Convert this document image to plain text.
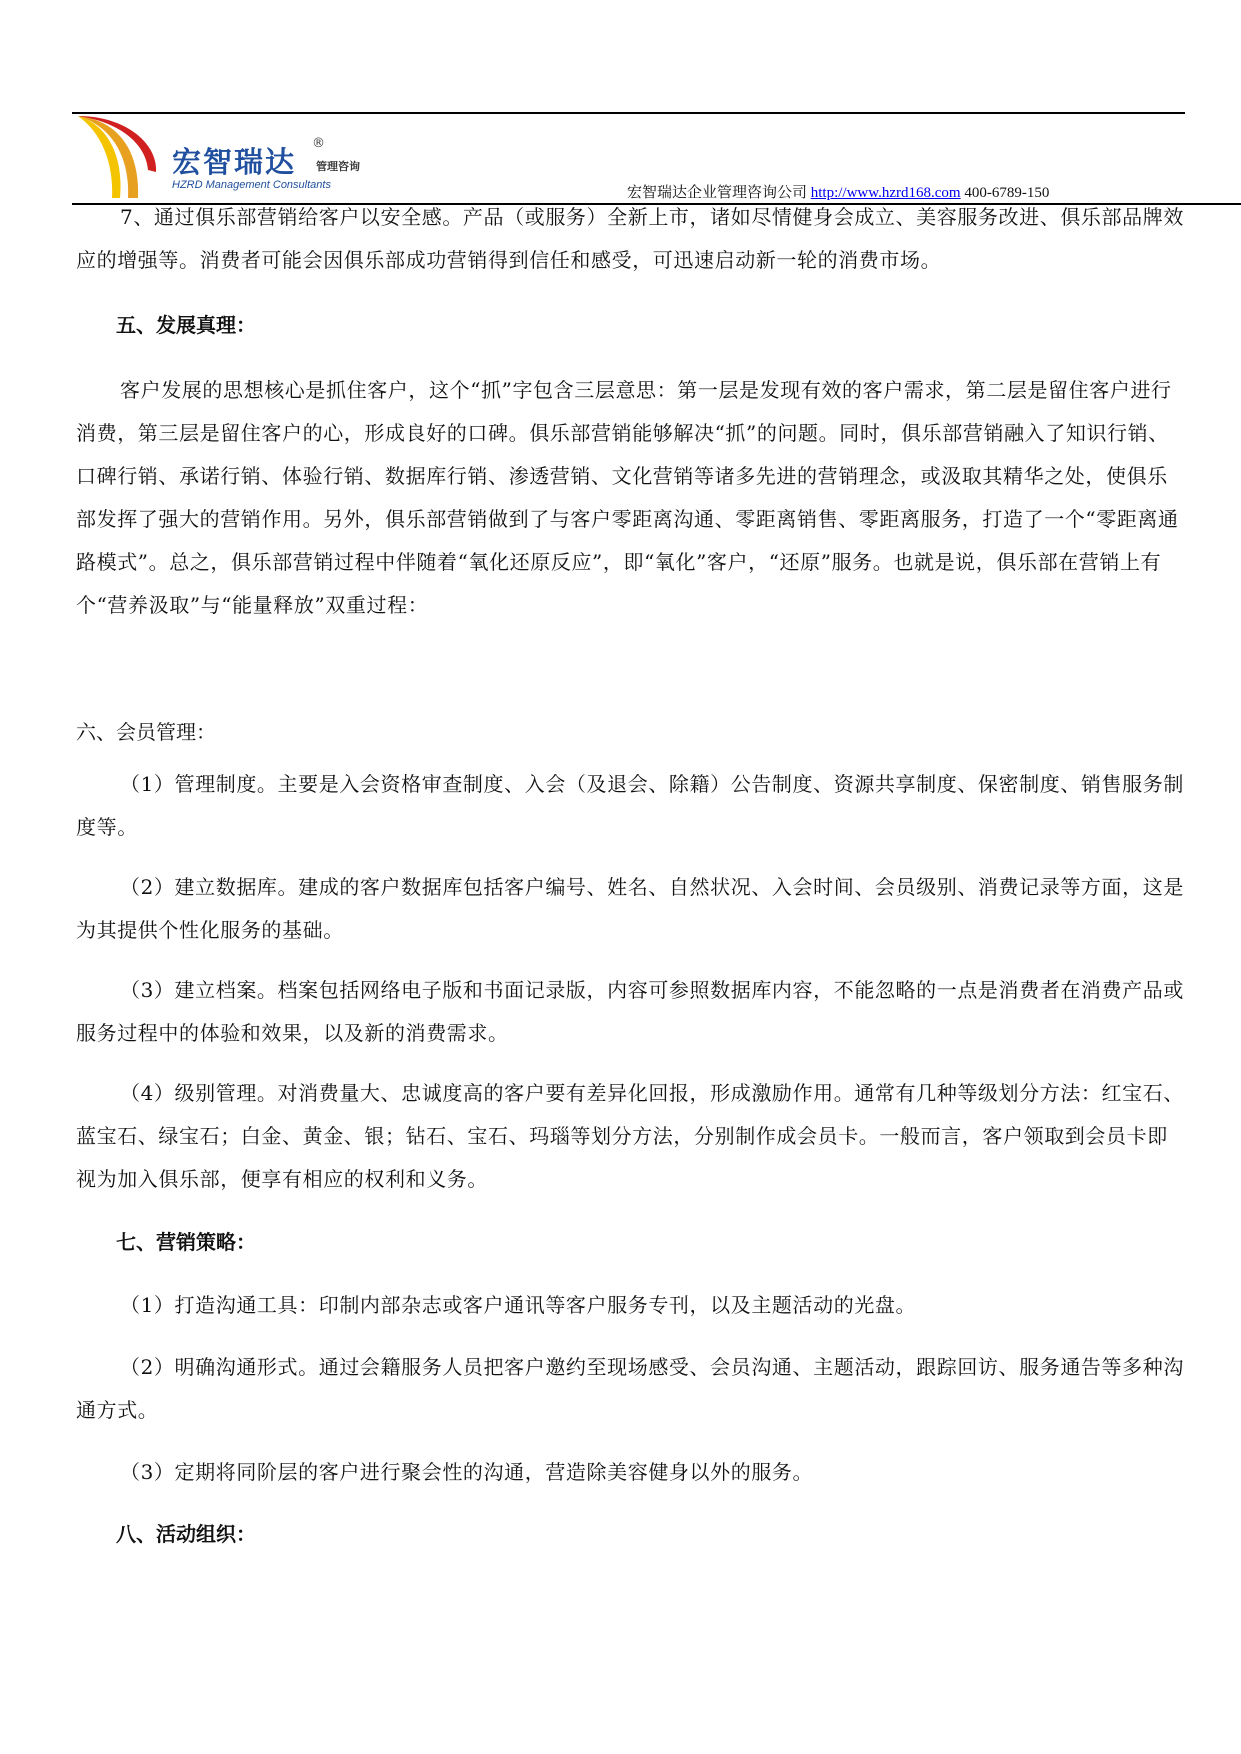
宏智瑞达
®
管理咨询
HZRD Management Consultants	宏智瑞达企业管理咨询公司 http://www.hzrd168.com 400-6789-150

7、通过俱乐部营销给客户以安全感。产品（或服务）全新上市，诸如尽情健身会成立、美容服务改进、俱乐部品牌效应的增强等。消费者可能会因俱乐部成功营销得到信任和感受，可迅速启动新一轮的消费市场。

五、发展真理：

客户发展的思想核心是抓住客户，这个“抓”字包含三层意思：第一层是发现有效的客户需求，第二层是留住客户进行消费，第三层是留住客户的心，形成良好的口碑。俱乐部营销能够解决“抓”的问题。同时，俱乐部营销融入了知识行销、口碑行销、承诺行销、体验行销、数据库行销、渗透营销、文化营销等诸多先进的营销理念，或汲取其精华之处，使俱乐部发挥了强大的营销作用。另外，俱乐部营销做到了与客户零距离沟通、零距离销售、零距离服务，打造了一个“零距离通路模式”。总之，俱乐部营销过程中伴随着“氧化还原反应”，即“氧化”客户，“还原”服务。也就是说，俱乐部在营销上有个“营养汲取”与“能量释放”双重过程：

六、会员管理：

（1）管理制度。主要是入会资格审查制度、入会（及退会、除籍）公告制度、资源共享制度、保密制度、销售服务制度等。

（2）建立数据库。建成的客户数据库包括客户编号、姓名、自然状况、入会时间、会员级别、消费记录等方面，这是为其提供个性化服务的基础。

（3）建立档案。档案包括网络电子版和书面记录版，内容可参照数据库内容，不能忽略的一点是消费者在消费产品或服务过程中的体验和效果，以及新的消费需求。

（4）级别管理。对消费量大、忠诚度高的客户要有差异化回报，形成激励作用。通常有几种等级划分方法：红宝石、蓝宝石、绿宝石；白金、黄金、银；钻石、宝石、玛瑙等划分方法，分别制作成会员卡。一般而言，客户领取到会员卡即视为加入俱乐部，便享有相应的权利和义务。

七、营销策略：

（1）打造沟通工具：印制内部杂志或客户通讯等客户服务专刊，以及主题活动的光盘。

（2）明确沟通形式。通过会籍服务人员把客户邀约至现场感受、会员沟通、主题活动，跟踪回访、服务通告等多种沟通方式。

（3）定期将同阶层的客户进行聚会性的沟通，营造除美容健身以外的服务。

八、活动组织：
